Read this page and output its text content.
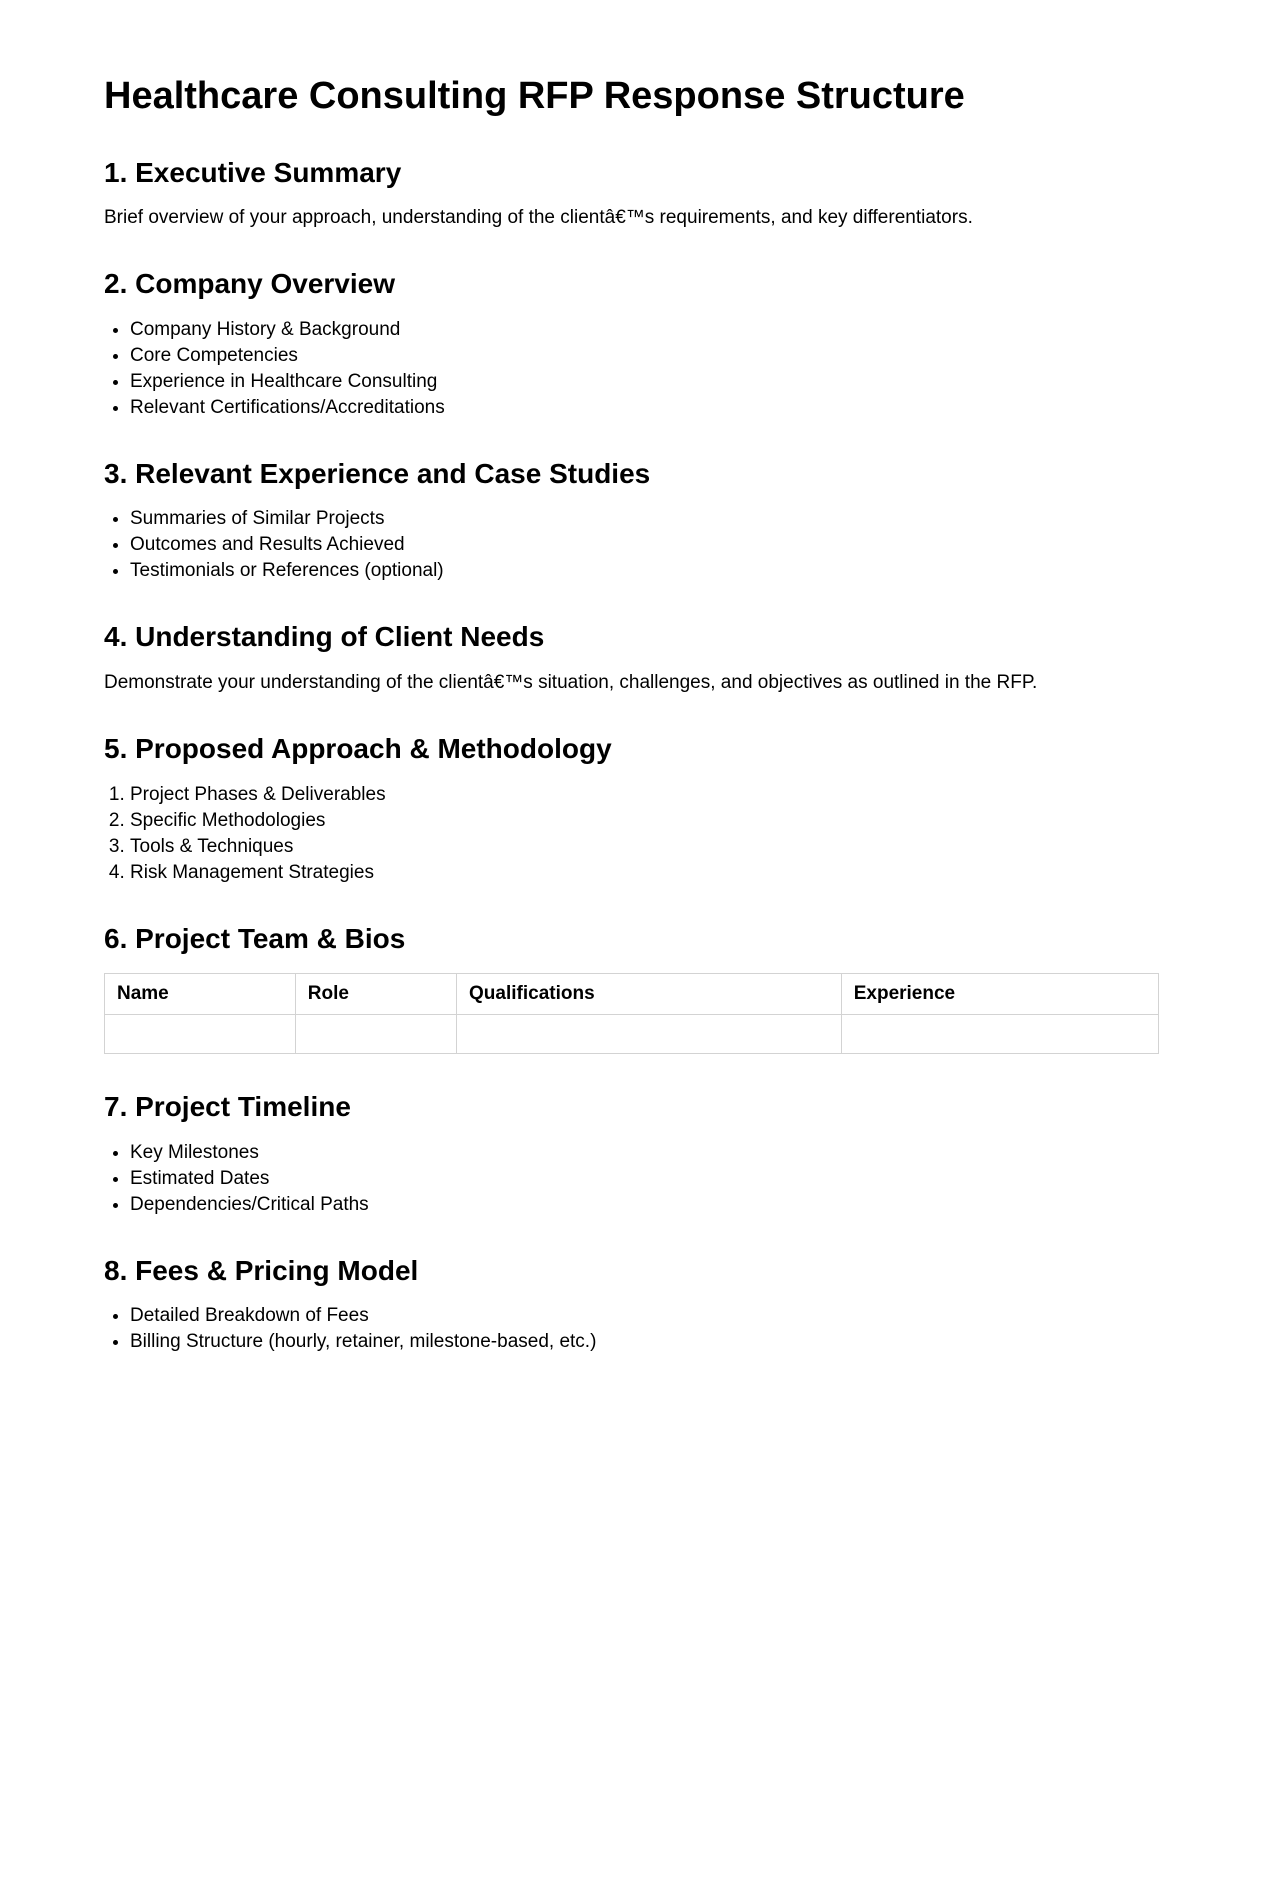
Healthcare Consulting RFP Response Structure
1. Executive Summary

Brief overview of your approach, understanding of the clientâ€™s requirements, and key differentiators.

2. Company Overview
• Company History & Background
• Core Competencies
• Experience in Healthcare Consulting
• Relevant Certifications/Accreditations
3. Relevant Experience and Case Studies
• Summaries of Similar Projects
• Outcomes and Results Achieved
• Testimonials or References (optional)
4. Understanding of Client Needs

Demonstrate your understanding of the clientâ€™s situation, challenges, and objectives as outlined in the RFP.

5. Proposed Approach & Methodology
1. Project Phases & Deliverables
2. Specific Methodologies
3. Tools & Techniques
4. Risk Management Strategies
6. Project Team & Bios
Name	Role	Qualifications	Experience

7. Project Timeline
• Key Milestones
• Estimated Dates
• Dependencies/Critical Paths
8. Fees & Pricing Model
• Detailed Breakdown of Fees
• Billing Structure (hourly, retainer, milestone-based, etc.)
